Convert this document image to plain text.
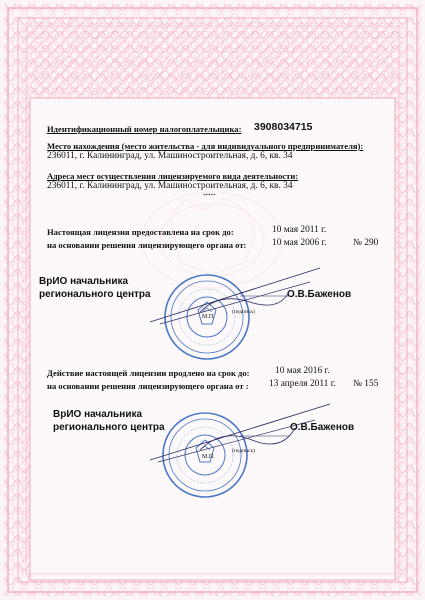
Идентификационный номер налогоплательщика: 3908034715
Место нахождения (место жительства - для индивидуального предпринимателя):
236011, г. Калининград, ул. Машиностроительная, д. 6, кв. 34
Адреса мест осуществления лицензируемого вида деятельности:
236011, г. Калининград, ул. Машиностроительная, д. 6, кв. 34
*****
Настоящая лицензия предоставлена на срок до:	10 мая 2011 г.
на основании решения лицензирующего органа от:	10 мая 2006 г.	№ 290
ВрИО начальника
регионального центра	О.В.Баженов
М.П.
(подпись)
Действие настоящей лицензии продлено на срок до:	10 мая 2016 г.
на основании решения лицензирующего органа от : 13 апреля 2011 г. № 155
ВрИО начальника
регионального центра	О.В.Баженов
М.П.
(подпись)
